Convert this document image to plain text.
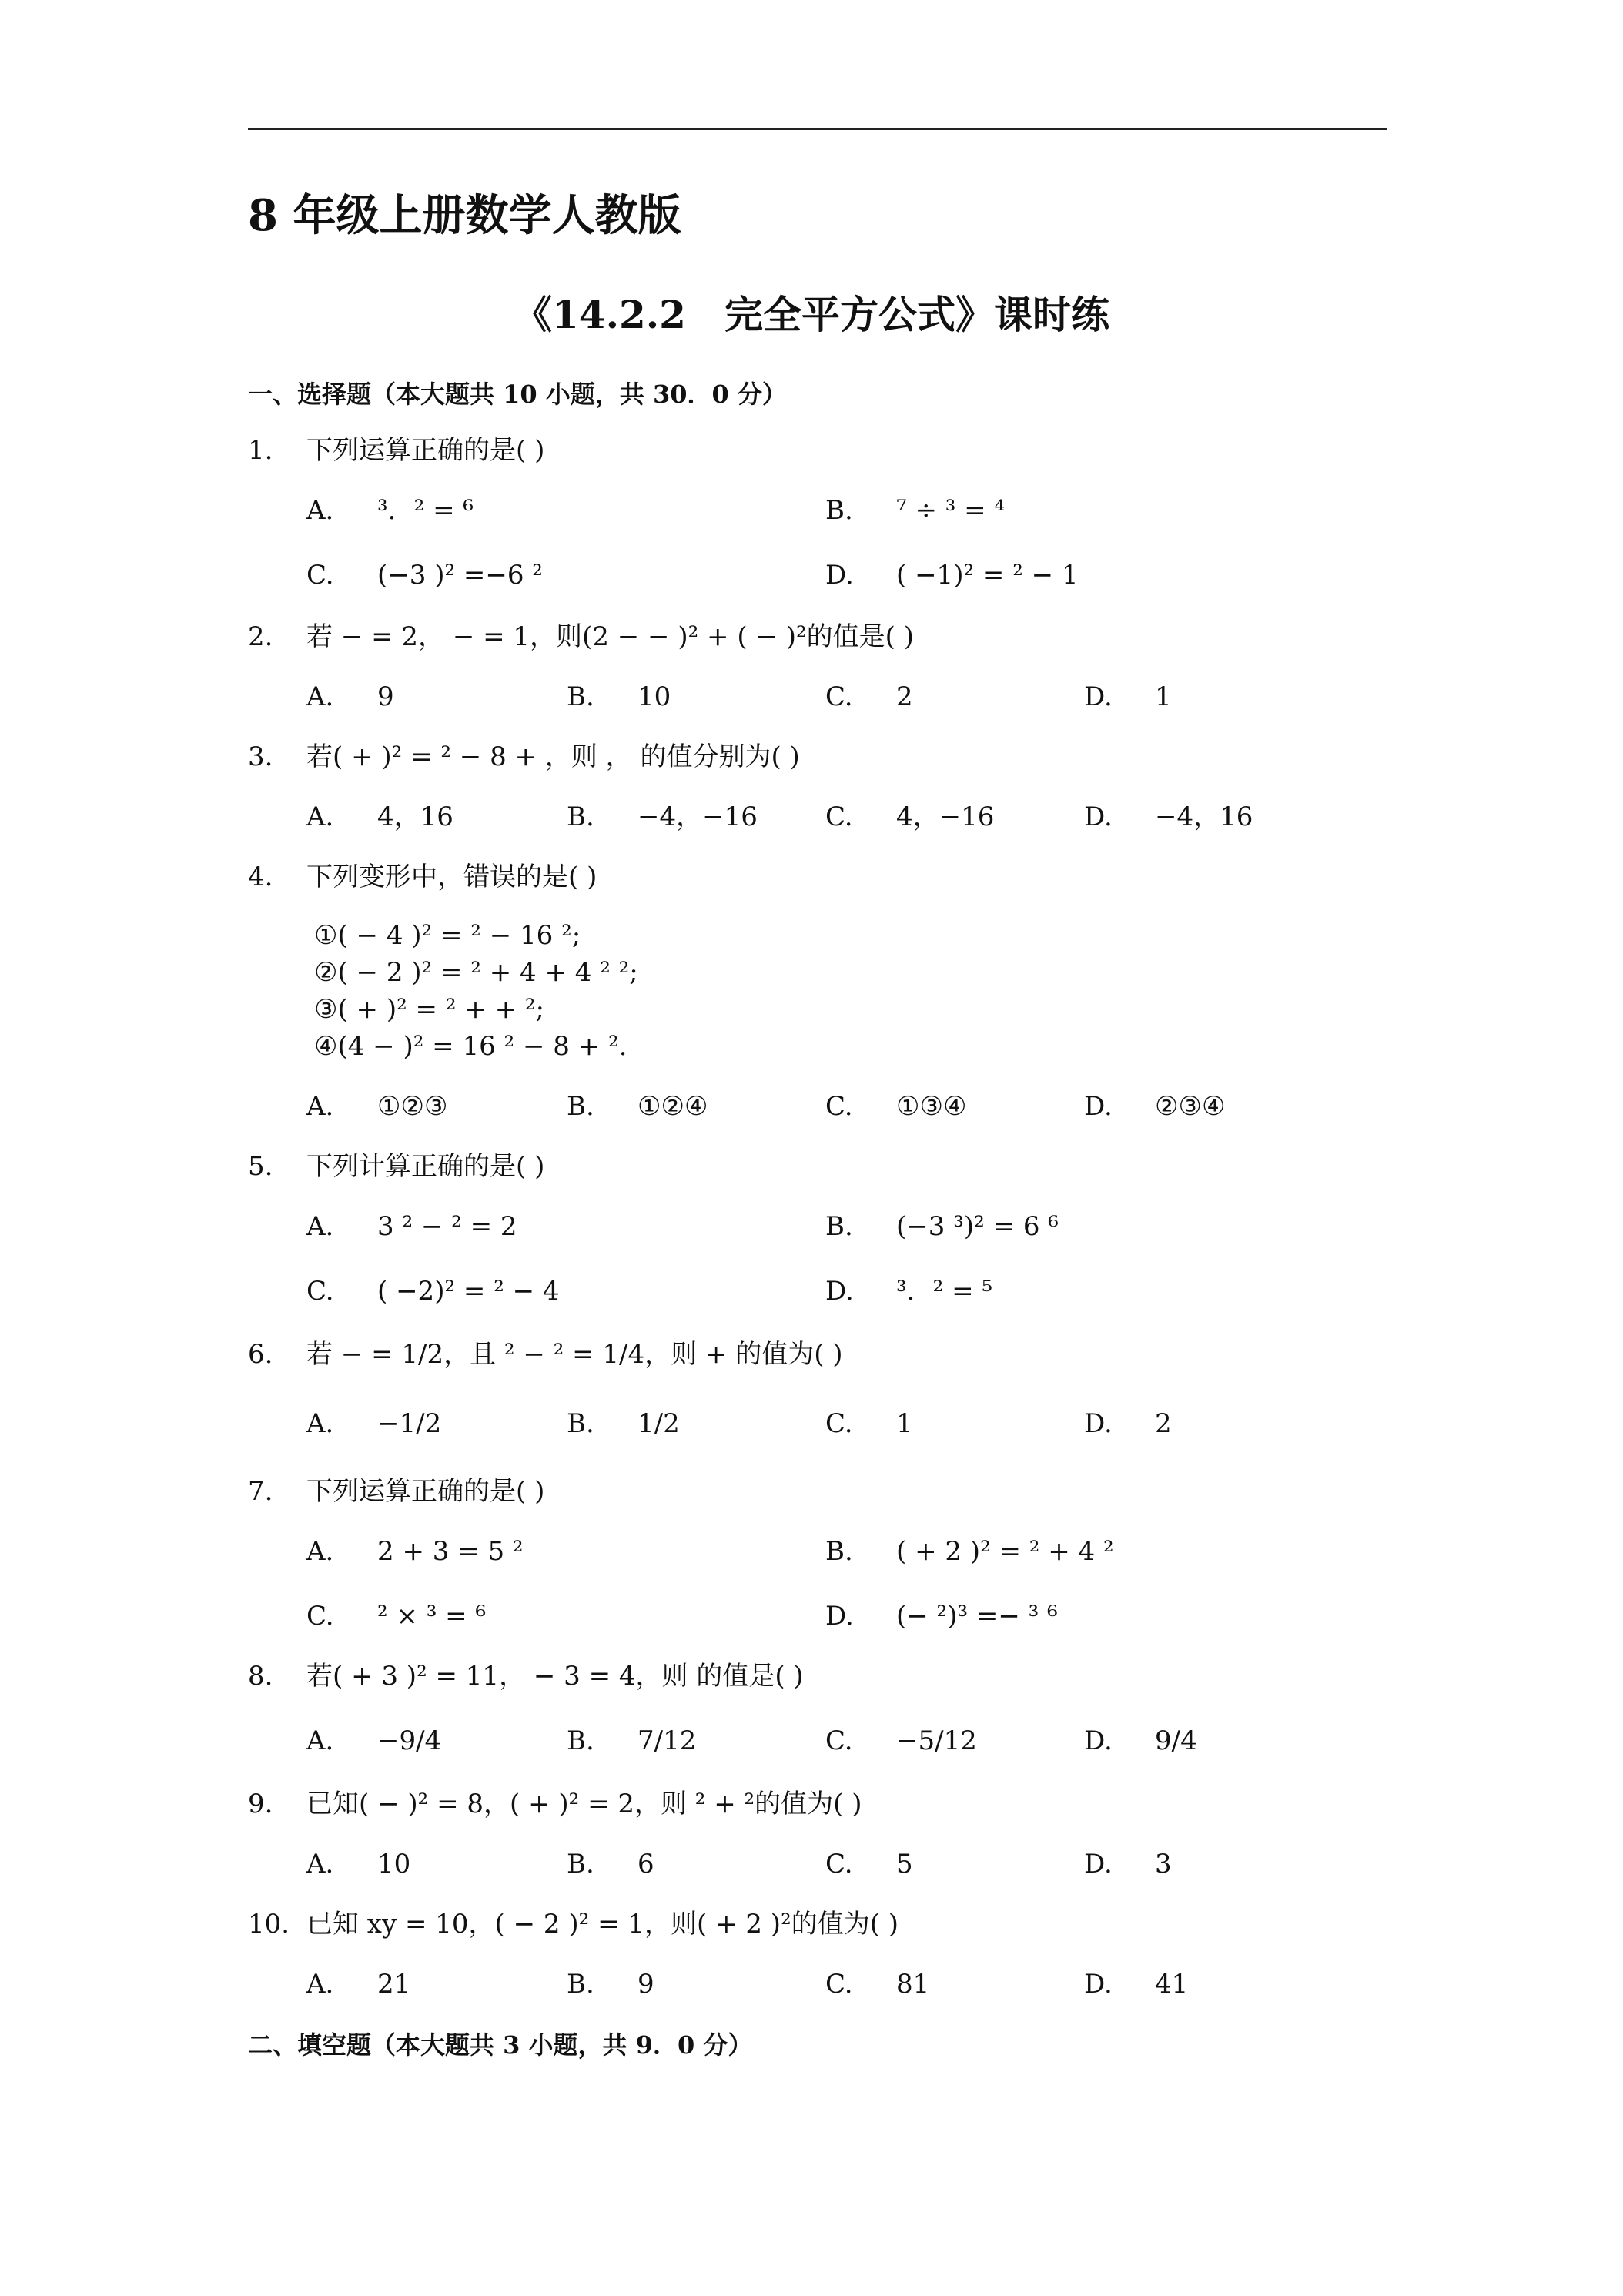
8 年级上册数学人教版
《14.2.2　完全平方公式》课时练
一、选择题（本大题共 10 小题，共 30．0 分）
1. 下列运算正确的是( )
A. ³．² = ⁶	B. ⁷ ÷ ³ = ⁴
C. (−3 )² =−6 ²	D. ( −1)² = ² − 1
2. 若 − = 2， − = 1，则(2 − − )² + ( − )²的值是( )
A. 9	B. 10	C. 2	D. 1
3. 若( + )² = ² − 8 + ，则 ， 的值分别为( )
A. 4，16	B. −4，−16	C. 4，−16	D. −4，16
4. 下列变形中，错误的是( )
①( − 4 )² = ² − 16 ²;
②( − 2 )² = ² + 4 + 4 ² ²;
③( + )² = ² + + ²;
④(4 − )² = 16 ² − 8 + ².
A. ①②③	B. ①②④	C. ①③④	D. ②③④
5. 下列计算正确的是( )
A. 3 ² − ² = 2	B. (−3 ³)² = 6 ⁶
C. ( −2)² = ² − 4	D. ³．² = ⁵
6. 若 − = 1/2，且 ² − ² = 1/4，则 + 的值为( )
A. −1/2	B. 1/2	C. 1	D. 2
7. 下列运算正确的是( )
A. 2 + 3 = 5 ²	B. ( + 2 )² = ² + 4 ²
C. ² × ³ = ⁶	D. (− ²)³ =− ³ ⁶
8. 若( + 3 )² = 11， − 3 = 4，则 的值是( )
A. −9/4	B. 7/12	C. −5/12	D. 9/4
9. 已知( − )² = 8，( + )² = 2，则 ² + ²的值为( )
A. 10	B. 6	C. 5	D. 3
10. 已知 xy = 10，( − 2 )² = 1，则( + 2 )²的值为( )
A. 21	B. 9	C. 81	D. 41
二、填空题（本大题共 3 小题，共 9．0 分）
